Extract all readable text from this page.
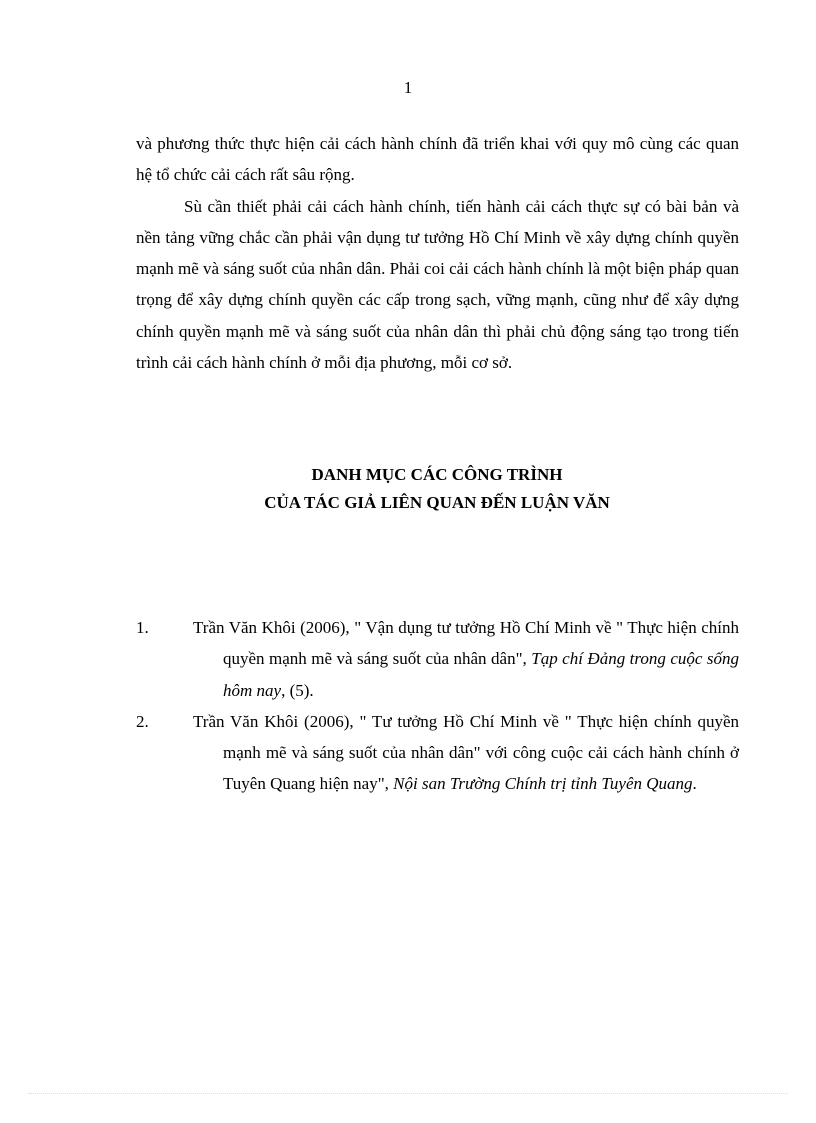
1

và phương thức thực hiện cải cách hành chính đã triển khai với quy mô cùng các quan hệ tổ chức cải cách rất sâu rộng.

Sù cần thiết phải cải cách hành chính, tiến hành cải cách thực sự có bài bản và nền tảng vững chắc cần phải vận dụng tư tưởng Hồ Chí Minh về xây dựng chính quyền mạnh mẽ và sáng suốt của nhân dân. Phải coi cải cách hành chính là một biện pháp quan trọng để xây dựng chính quyền các cấp trong sạch, vững mạnh, cũng như để xây dựng chính quyền mạnh mẽ và sáng suốt của nhân dân thì phải chủ động sáng tạo trong tiến trình cải cách hành chính ở mỗi địa phương, mỗi cơ sở.

DANH MỤC CÁC CÔNG TRÌNH
CỦA TÁC GIẢ LIÊN QUAN ĐẾN LUẬN VĂN
1.	Trần Văn Khôi (2006), " Vận dụng tư tưởng Hồ Chí Minh về " Thực hiện chính quyền mạnh mẽ và sáng suốt của nhân dân", Tạp chí Đảng trong cuộc sống hôm nay, (5).
2.	Trần Văn Khôi (2006), " Tư tưởng Hồ Chí Minh về " Thực hiện chính quyền mạnh mẽ và sáng suốt của nhân dân" với công cuộc cải cách hành chính ở Tuyên Quang hiện nay", Nội san Trường Chính trị tỉnh Tuyên Quang.
